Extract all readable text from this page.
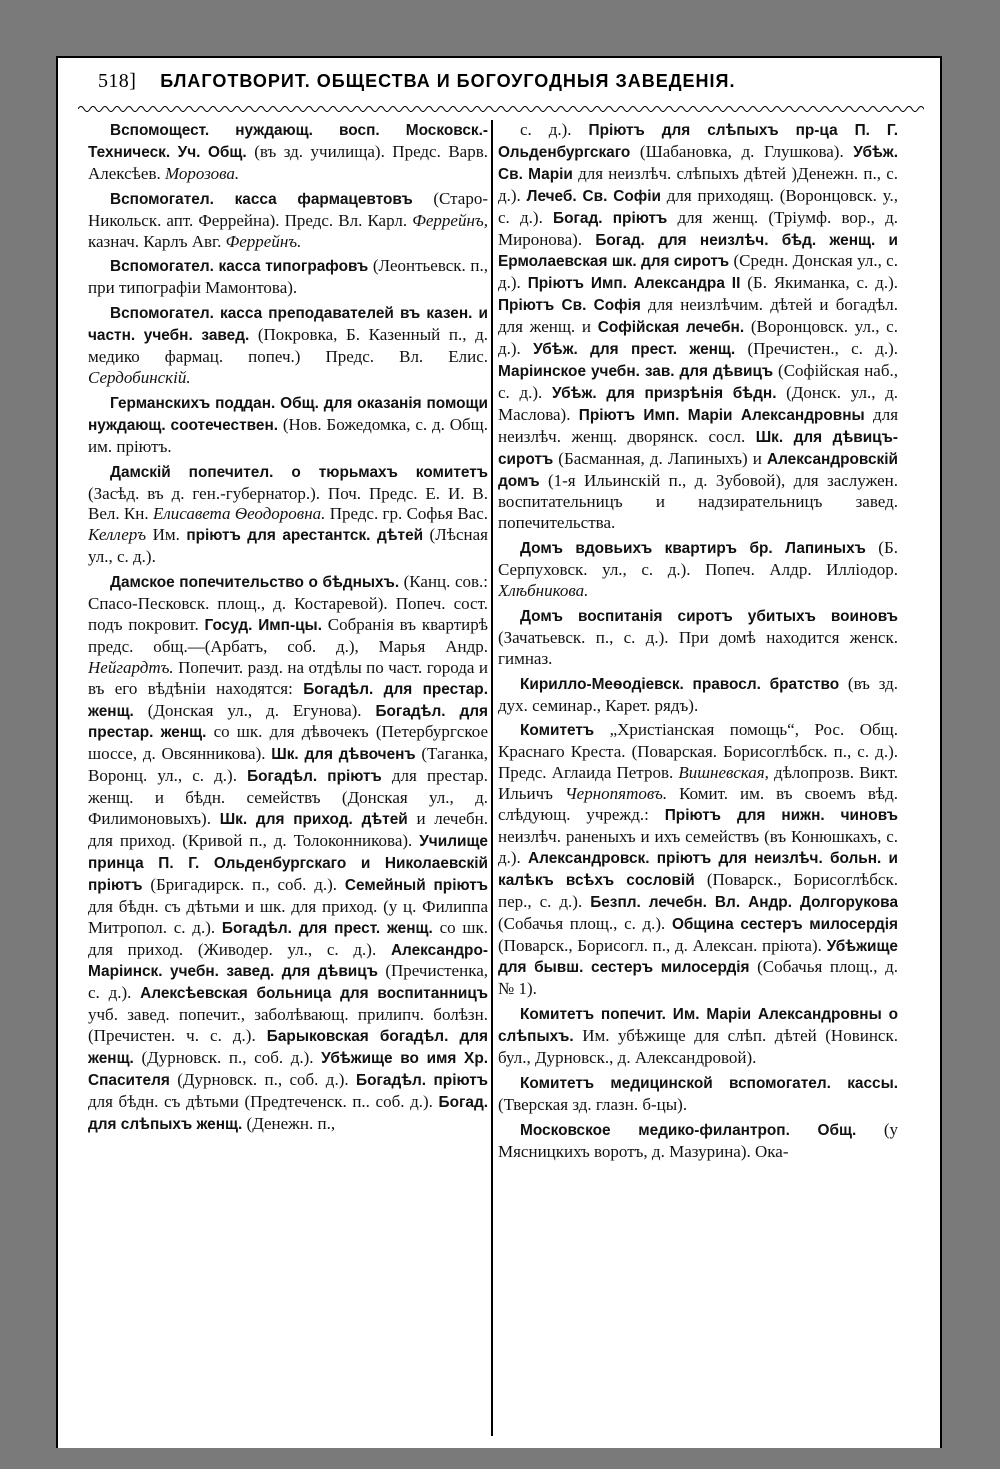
518] БЛАГОТВОРИТ. ОБЩЕСТВА И БОГОУГОДНЫЯ ЗАВЕДЕНІЯ.
Вспомощест. нуждающ. восп. Московск.-Техническ. Уч. Общ. (въ зд. училища). Предс. Варв. Алексѣев. Морозова.
Вспомогател. касса фармацевтовъ (Старо-Никольск. апт. Феррейна). Предс. Вл. Карл. Феррейнъ, казнач. Карлъ Авг. Феррейнъ.
Вспомогател. касса типографовъ (Леонтьевск. п., при типографіи Мамонтова).
Вспомогател. касса преподавателей въ казен. и частн. учебн. завед. (Покровка, Б. Казенный п., д. медико фармац. попеч.) Предс. Вл. Елис. Сердобинскій.
Германскихъ поддан. Общ. для оказанія помощи нуждающ. соотечествен. (Нов. Божедомка, с. д. Общ. им. пріютъ.
Дамскій попечител. о тюрьмахъ комитетъ (Засѣд. въ д. ген.-губернатор.). Поч. Предс. Е. И. В. Вел. Кн. Елисавета Ѳеодоровна. Предс. гр. Софья Вас. Келлеръ Им. пріютъ для арестантск. дѣтей (Лѣсная ул., с. д.).
Дамское попечительство о бѣдныхъ. (Канц. сов.: Спасо-Песковск. площ., д. Костаревой). Попеч. сост. подъ покровит. Госуд. Имп-цы. Собранія въ квартирѣ предс. общ.—(Арбатъ, соб. д.), Марья Андр. Нейгардтъ. Попечит. разд. на отдѣлы по част. города и въ его вѣдѣніи находятся: Богадѣл. для престар. женщ. (Донская ул., д. Егунова). Богадѣл. для престар. женщ. со шк. для дѣвочекъ (Петербургское шоссе, д. Овсянникова). Шк. для дѣвоченъ (Таганка, Воронц. ул., с. д.). Богадѣл. пріютъ для престар. женщ. и бѣдн. семействъ (Донская ул., д. Филимоновыхъ). Шк. для приход. дѣтей и лечебн. для приход. (Кривой п., д. Толоконникова). Училище принца П. Г. Ольденбургскаго и Николаевскій пріютъ (Бригадирск. п., соб. д.). Семейный пріютъ для бѣдн. съ дѣтьми и шк. для приход. (у ц. Филиппа Митропол. с. д.). Богадѣл. для прест. женщ. со шк. для приход. (Живодер. ул., с. д.). Александро-Маріинск. учебн. завед. для дѣвицъ (Пречистенка, с. д.). Алексѣевская больница для воспитанницъ учб. завед. попечит., заболѣвающ. прилипч. болѣзн. (Пречистен. ч. с. д.). Барыковская богадѣл. для женщ. (Дурновск. п., соб. д.). Убѣжище во имя Хр. Спасителя (Дурновск. п., соб. д.). Богадѣл. пріютъ для бѣдн. съ дѣтьми (Предтеченск. п.. соб. д.). Богад. для слѣпыхъ женщ. (Денежн. п.,
с. д.). Пріютъ для слѣпыхъ пр-ца П. Г. Ольденбургскаго (Шабановка, д. Глушкова). Убѣж. Св. Маріи для неизлѣч. слѣпыхъ дѣтей )Денежн. п., с. д.). Лечеб. Св. Софіи для приходящ. (Воронцовск. у., с. д.). Богад. пріютъ для женщ. (Тріумф. вор., д. Миронова). Богад. для неизлѣч. бѣд. женщ. и Ермолаевская шк. для сиротъ (Средн. Донская ул., с. д.). Пріютъ Имп. Александра II (Б. Якиманка, с. д.). Пріютъ Св. Софія для неизлѣчим. дѣтей и богадѣл. для женщ. и Софійская лечебн. (Воронцовск. ул., с. д.). Убѣж. для прест. женщ. (Пречистен., с. д.). Маріинское учебн. зав. для дѣвицъ (Софійская наб., с. д.). Убѣж. для призрѣнія бѣдн. (Донск. ул., д. Маслова). Пріютъ Имп. Маріи Александровны для неизлѣч. женщ. дворянск. сосл. Шк. для дѣвицъ-сиротъ (Басманная, д. Лапиныхъ) и Александровскій домъ (1-я Ильинскій п., д. Зубовой), для заслужен. воспитательницъ и надзирательницъ завед. попечительства.
Домъ вдовьихъ квартиръ бр. Лапиныхъ (Б. Серпуховск. ул., с. д.). Попеч. Алдр. Иллiодор. Хлѣбникова.
Домъ воспитанія сиротъ убитыхъ воиновъ (Зачатьевск. п., с. д.). При домѣ находится женск. гимназ.
Кирилло-Меѳодіевск. правосл. братство (въ зд. дух. семинар., Карет. рядъ).
Комитетъ „Христіанская помощь“, Рос. Общ. Краснаго Креста. (Поварская. Борисоглѣбск. п., с. д.). Предс. Аглаида Петров. Вишневская, дѣлопрозв. Викт. Ильичъ Чернопятовъ. Комит. им. въ своемъ вѣд. слѣдующ. учрежд.: Пріютъ для нижн. чиновъ неизлѣч. раненыхъ и ихъ семействъ (въ Конюшкахъ, с. д.). Александровск. пріютъ для неизлѣч. больн. и калѣкъ всѣхъ сословій (Поварск., Борисоглѣбск. пер., с. д.). Безпл. лечебн. Вл. Андр. Долгорукова (Собачья площ., с. д.). Община сестеръ милосердія (Поварск., Борисогл. п., д. Алексан. пріюта). Убѣжище для бывш. сестеръ милосердія (Собачья площ., д. № 1).
Комитетъ попечит. Им. Маріи Александровны о слѣпыхъ. Им. убѣжище для слѣп. дѣтей (Новинск. бул., Дурновск., д. Александровой).
Комитетъ медицинской вспомогател. кассы. (Тверская зд. глазн. б-цы).
Московское медико-филантроп. Общ. (у Мясницкихъ воротъ, д. Мазурина). Ока-
